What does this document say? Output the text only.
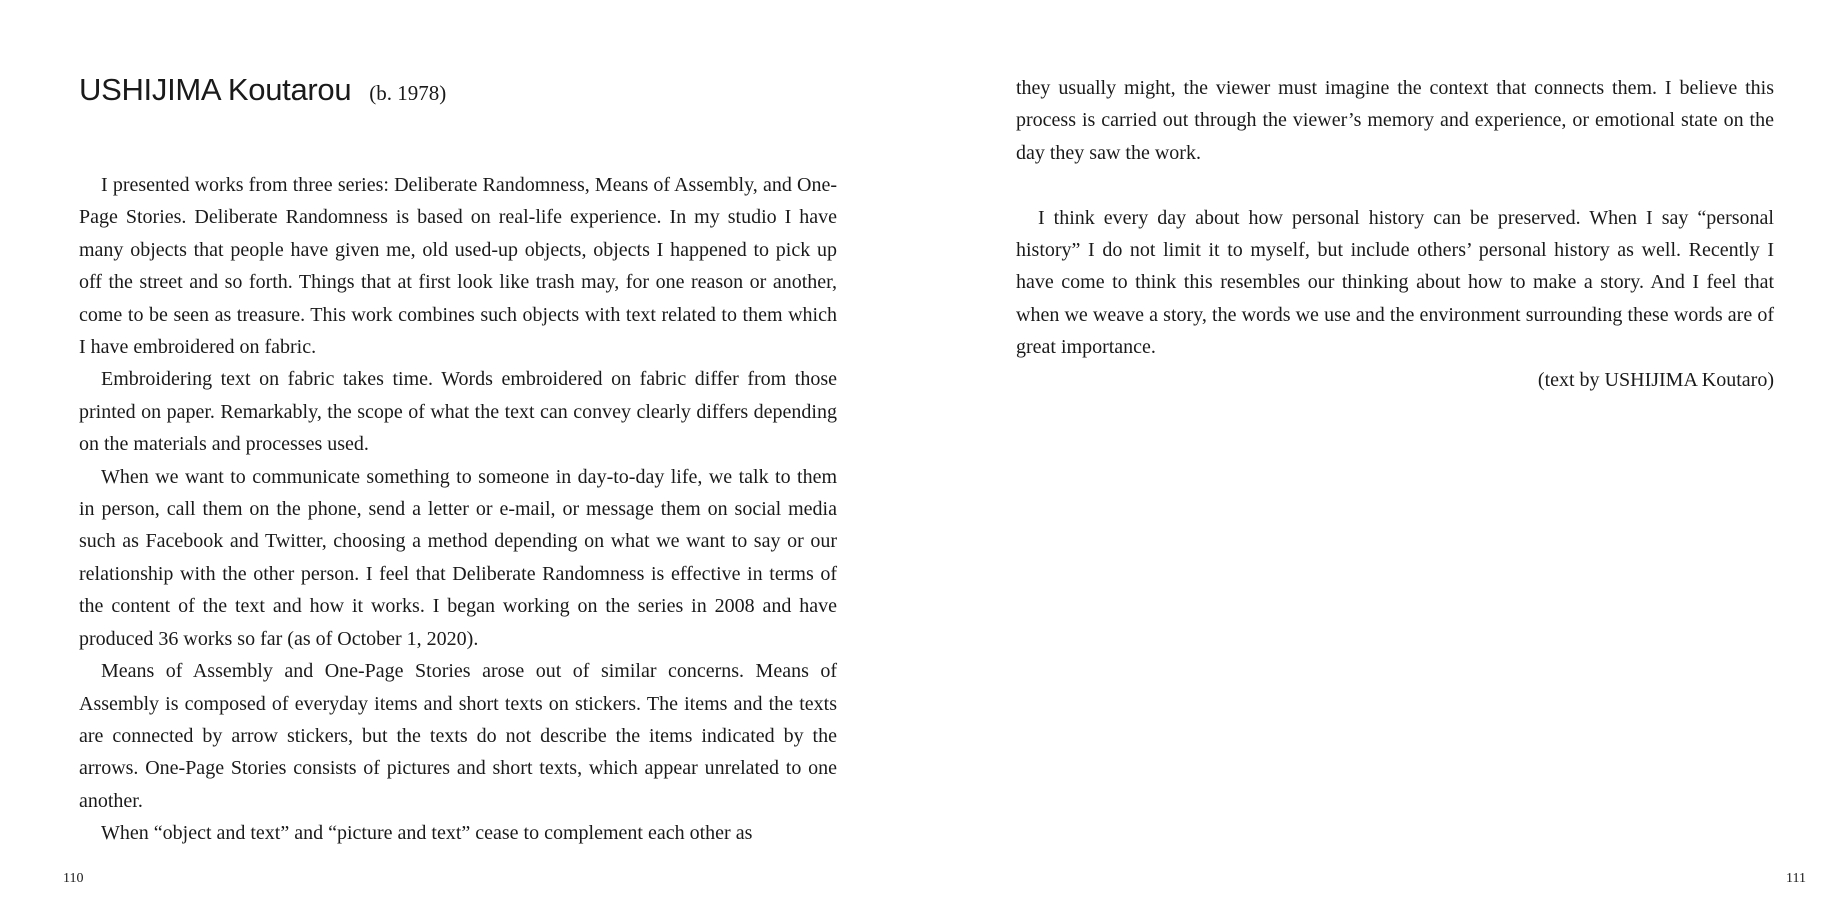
USHIJIMA Koutarou (b. 1978)

I presented works from three series: Deliberate Randomness, Means of Assembly, and One-Page Stories. Deliberate Randomness is based on real-life experience. In my studio I have many objects that people have given me, old used-up objects, objects I happened to pick up off the street and so forth. Things that at first look like trash may, for one reason or another, come to be seen as treasure. This work combines such objects with text related to them which I have embroidered on fabric.

Embroidering text on fabric takes time. Words embroidered on fabric differ from those printed on paper. Remarkably, the scope of what the text can convey clearly differs depending on the materials and processes used.

When we want to communicate something to someone in day-to-day life, we talk to them in person, call them on the phone, send a letter or e-mail, or message them on social media such as Facebook and Twitter, choosing a method depending on what we want to say or our relationship with the other person. I feel that Deliberate Randomness is effective in terms of the content of the text and how it works. I began working on the series in 2008 and have produced 36 works so far (as of October 1, 2020).

Means of Assembly and One-Page Stories arose out of similar concerns. Means of Assembly is composed of everyday items and short texts on stickers. The items and the texts are connected by arrow stickers, but the texts do not describe the items indicated by the arrows. One-Page Stories consists of pictures and short texts, which appear unrelated to one another.

When “object and text” and “picture and text” cease to complement each other as

they usually might, the viewer must imagine the context that connects them. I believe this process is carried out through the viewer’s memory and experience, or emotional state on the day they saw the work.

I think every day about how personal history can be preserved. When I say “personal history” I do not limit it to myself, but include others’ personal history as well. Recently I have come to think this resembles our thinking about how to make a story. And I feel that when we weave a story, the words we use and the environment surrounding these words are of great importance.

(text by USHIJIMA Koutaro)
110	111
